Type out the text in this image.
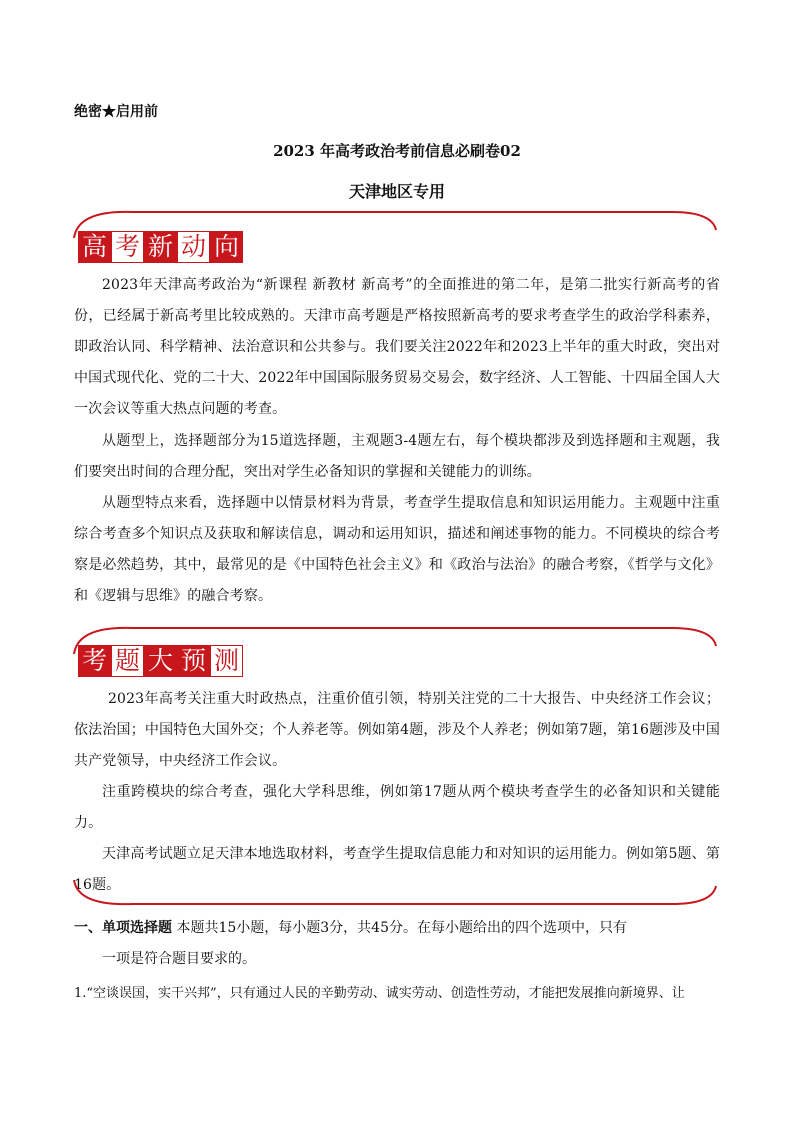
绝密★启用前
2023 年高考政治考前信息必刷卷02
天津地区专用
高 考 新 动 向

2023年天津高考政治为“新课程 新教材 新高考”的全面推进的第二年，是第二批实行新高考的省份，已经属于新高考里比较成熟的。天津市高考题是严格按照新高考的要求考查学生的政治学科素养，即政治认同、科学精神、法治意识和公共参与。我们要关注2022年和2023上半年的重大时政，突出对中国式现代化、党的二十大、2022年中国国际服务贸易交易会，数字经济、人工智能、十四届全国人大一次会议等重大热点问题的考查。

从题型上，选择题部分为15道选择题，主观题3-4题左右，每个模块都涉及到选择题和主观题，我们要突出时间的合理分配，突出对学生必备知识的掌握和关键能力的训练。

从题型特点来看，选择题中以情景材料为背景，考查学生提取信息和知识运用能力。主观题中注重综合考查多个知识点及获取和解读信息，调动和运用知识，描述和阐述事物的能力。不同模块的综合考察是必然趋势，其中，最常见的是《中国特色社会主义》和《政治与法治》的融合考察，《哲学与文化》 和《逻辑与思维》的融合考察。

考 题 大 预 测

2023年高考关注重大时政热点，注重价值引领，特别关注党的二十大报告、中央经济工作会议；依法治国；中国特色大国外交；个人养老等。例如第4题，涉及个人养老；例如第7题，第16题涉及中国共产党领导，中央经济工作会议。

注重跨模块的综合考查，强化大学科思维，例如第17题从两个模块考查学生的必备知识和关键能力。

天津高考试题立足天津本地选取材料，考查学生提取信息能力和对知识的运用能力。例如第5题、第16题。

一、单项选择题 本题共15小题，每小题3分，共45分。在每小题给出的四个选项中，只有

一项是符合题目要求的。

1.“空谈误国，实干兴邦”，只有通过人民的辛勤劳动、诚实劳动、创造性劳动，才能把发展推向新境界、让
